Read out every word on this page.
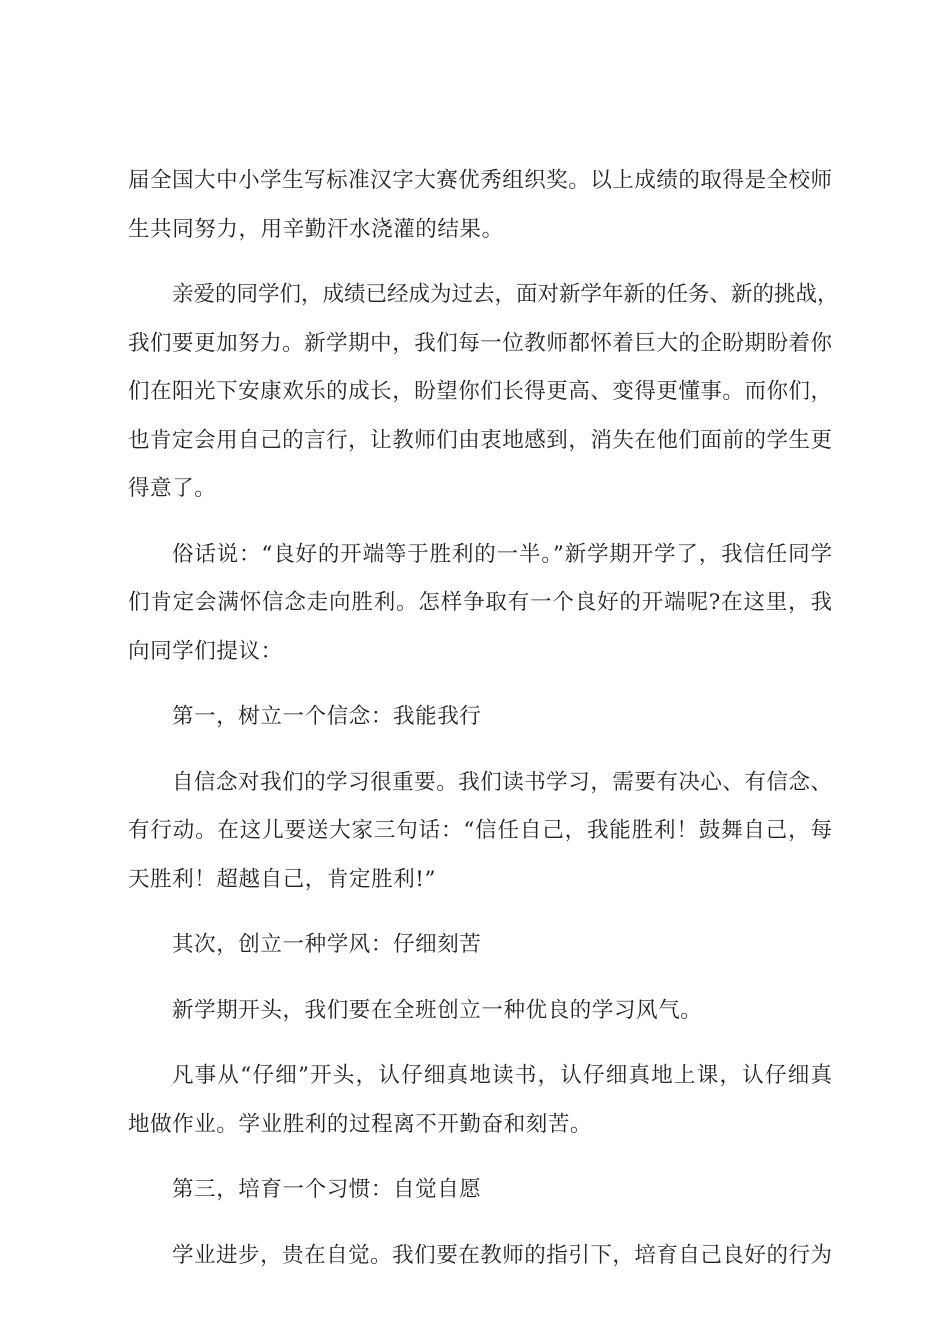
届全国大中小学生写标准汉字大赛优秀组织奖。以上成绩的取得是全校师
生共同努力，用辛勤汗水浇灌的结果。
亲爱的同学们，成绩已经成为过去，面对新学年新的任务、新的挑战，
我们要更加努力。新学期中，我们每一位教师都怀着巨大的企盼期盼着你
们在阳光下安康欢乐的成长，盼望你们长得更高、变得更懂事。而你们，
也肯定会用自己的言行，让教师们由衷地感到，消失在他们面前的学生更
得意了。
俗话说：“良好的开端等于胜利的一半。”新学期开学了，我信任同学
们肯定会满怀信念走向胜利。怎样争取有一个良好的开端呢?在这里，我
向同学们提议：
第一，树立一个信念：我能我行
自信念对我们的学习很重要。我们读书学习，需要有决心、有信念、
有行动。在这儿要送大家三句话：“信任自己，我能胜利！鼓舞自己，每
天胜利！超越自己，肯定胜利!”
其次，创立一种学风：仔细刻苦
新学期开头，我们要在全班创立一种优良的学习风气。
凡事从“仔细”开头，认仔细真地读书，认仔细真地上课，认仔细真
地做作业。学业胜利的过程离不开勤奋和刻苦。
第三，培育一个习惯：自觉自愿
学业进步，贵在自觉。我们要在教师的指引下，培育自己良好的行为
